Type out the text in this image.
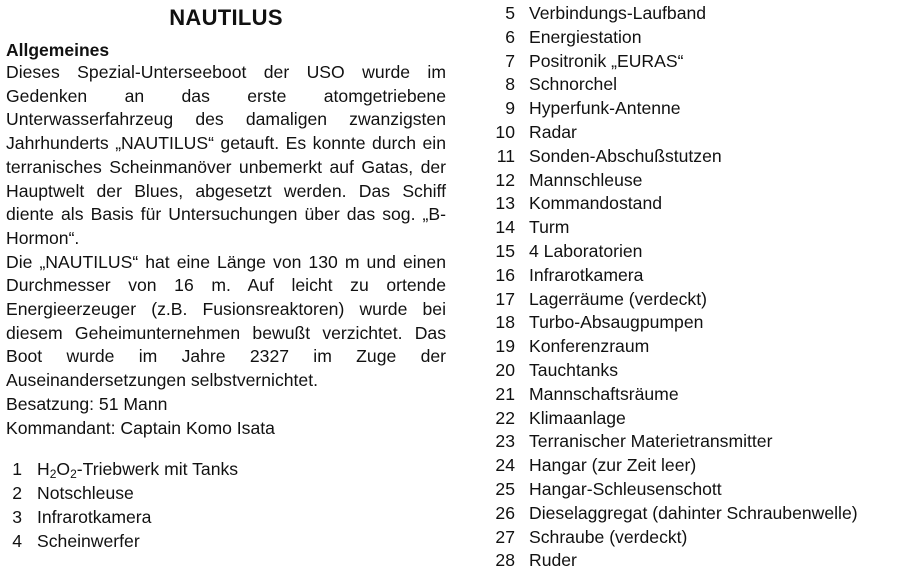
NAUTILUS
Allgemeines

Dieses Spezial-Unterseeboot der USO wurde im Gedenken an das erste atomgetriebene Unterwasserfahrzeug des damaligen zwanzigsten Jahrhunderts „NAUTILUS“ getauft. Es konnte durch ein terranisches Scheinmanöver unbemerkt auf Gatas, der Hauptwelt der Blues, abgesetzt werden. Das Schiff diente als Basis für Untersuchungen über das sog. „B-Hormon“.

Die „NAUTILUS“ hat eine Länge von 130 m und einen Durchmesser von 16 m. Auf leicht zu ortende Energieerzeuger (z.B. Fusionsreaktoren) wurde bei diesem Geheimunternehmen bewußt verzichtet. Das Boot wurde im Jahre 2327 im Zuge der Auseinandersetzungen selbstvernichtet.

Besatzung: 51 Mann
Kommandant: Captain Komo Isata
1 $H_2O_2$-Triebwerk mit Tanks
2 Notschleuse
3 Infrarotkamera
4 Scheinwerfer
5 Verbindungs-Laufband
6 Energiestation
7 Positronik „EURAS“
8 Schnorchel
9 Hyperfunk-Antenne
10 Radar
11 Sonden-Abschußstutzen
12 Mannschleuse
13 Kommandostand
14 Turm
15 4 Laboratorien
16 Infrarotkamera
17 Lagerräume (verdeckt)
18 Turbo-Absaugpumpen
19 Konferenzraum
20 Tauchtanks
21 Mannschaftsräume
22 Klimaanlage
23 Terranischer Materietransmitter
24 Hangar (zur Zeit leer)
25 Hangar-Schleusenschott
26 Dieselaggregat (dahinter Schraubenwelle)
27 Schraube (verdeckt)
28 Ruder
